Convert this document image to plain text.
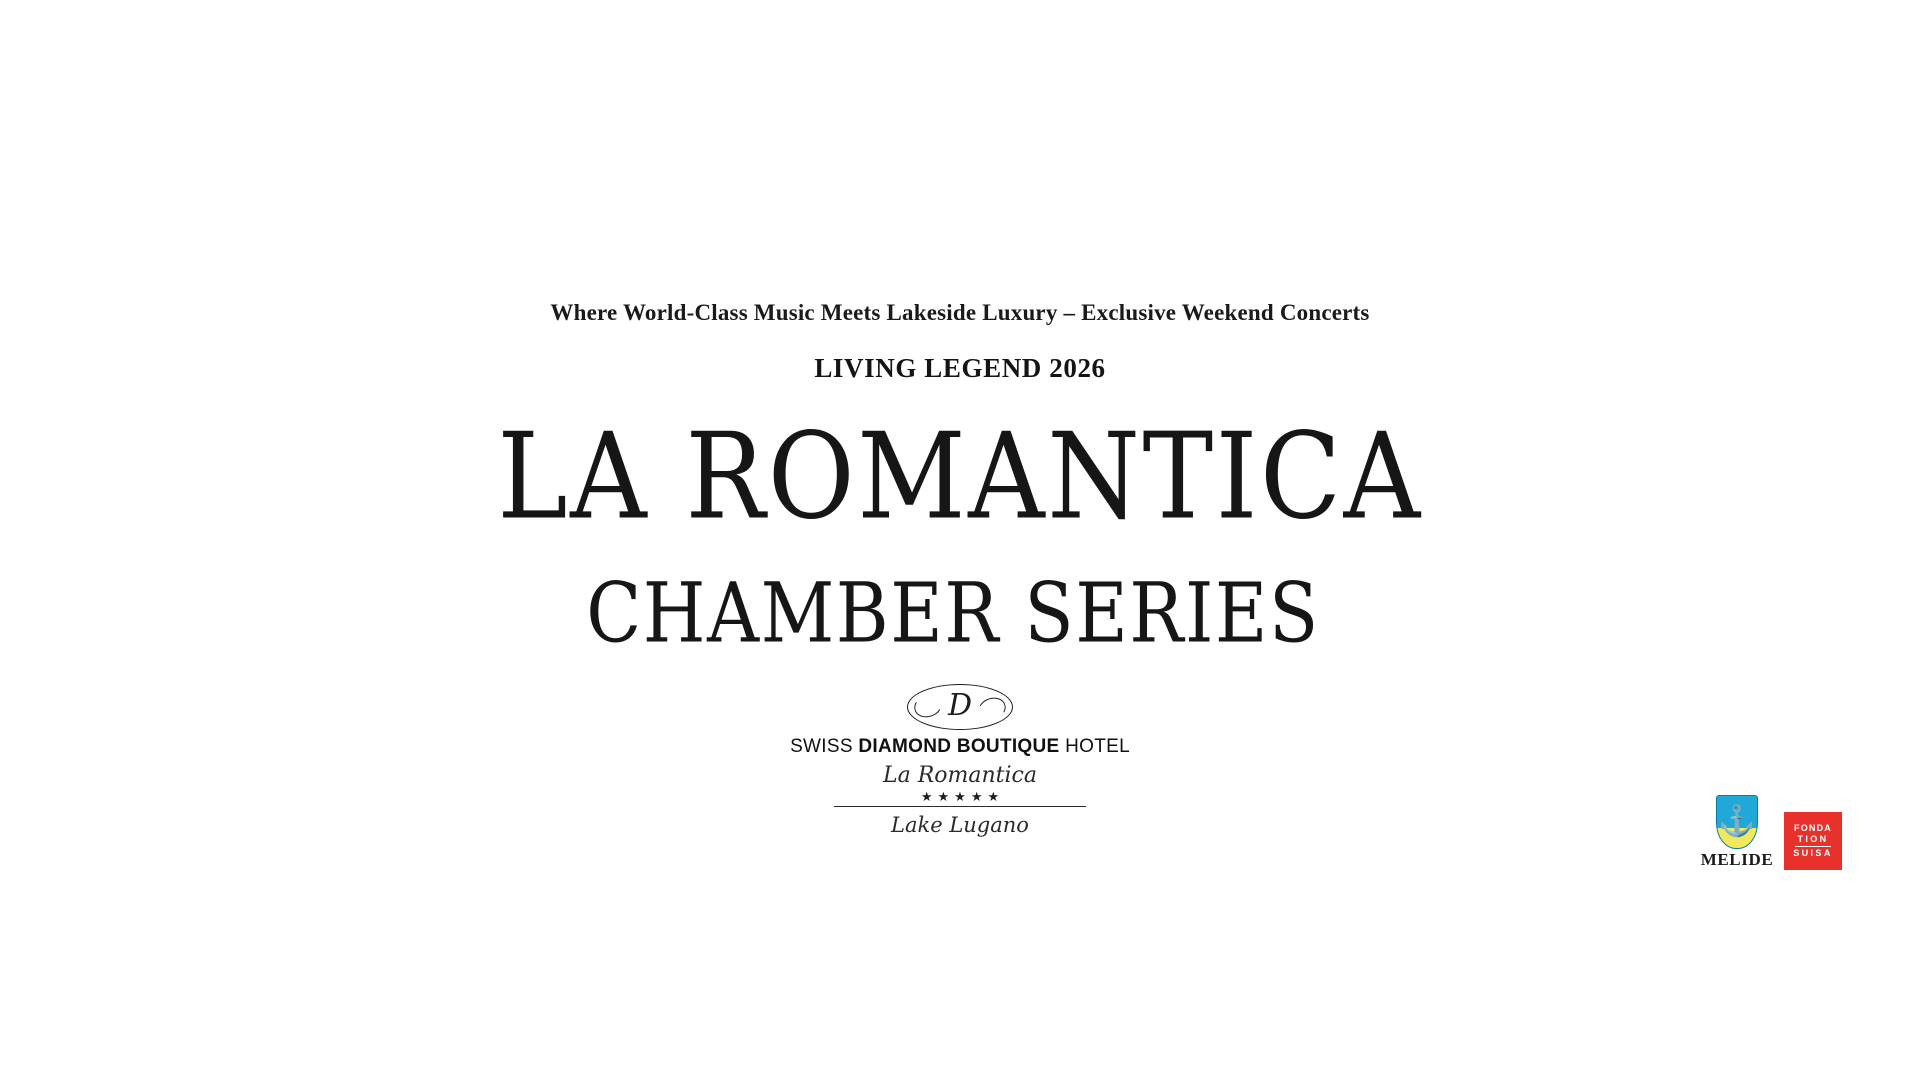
Where World-Class Music Meets Lakeside Luxury – Exclusive Weekend Concerts

LIVING LEGEND 2026

LA ROMANTICA
CHAMBER SERIES
D
SWISS DIAMOND BOUTIQUE HOTEL
La Romantica
★ ★ ★ ★ ★
Lake Lugano	⚓
MELIDE
FONDA
TION
SUISA
